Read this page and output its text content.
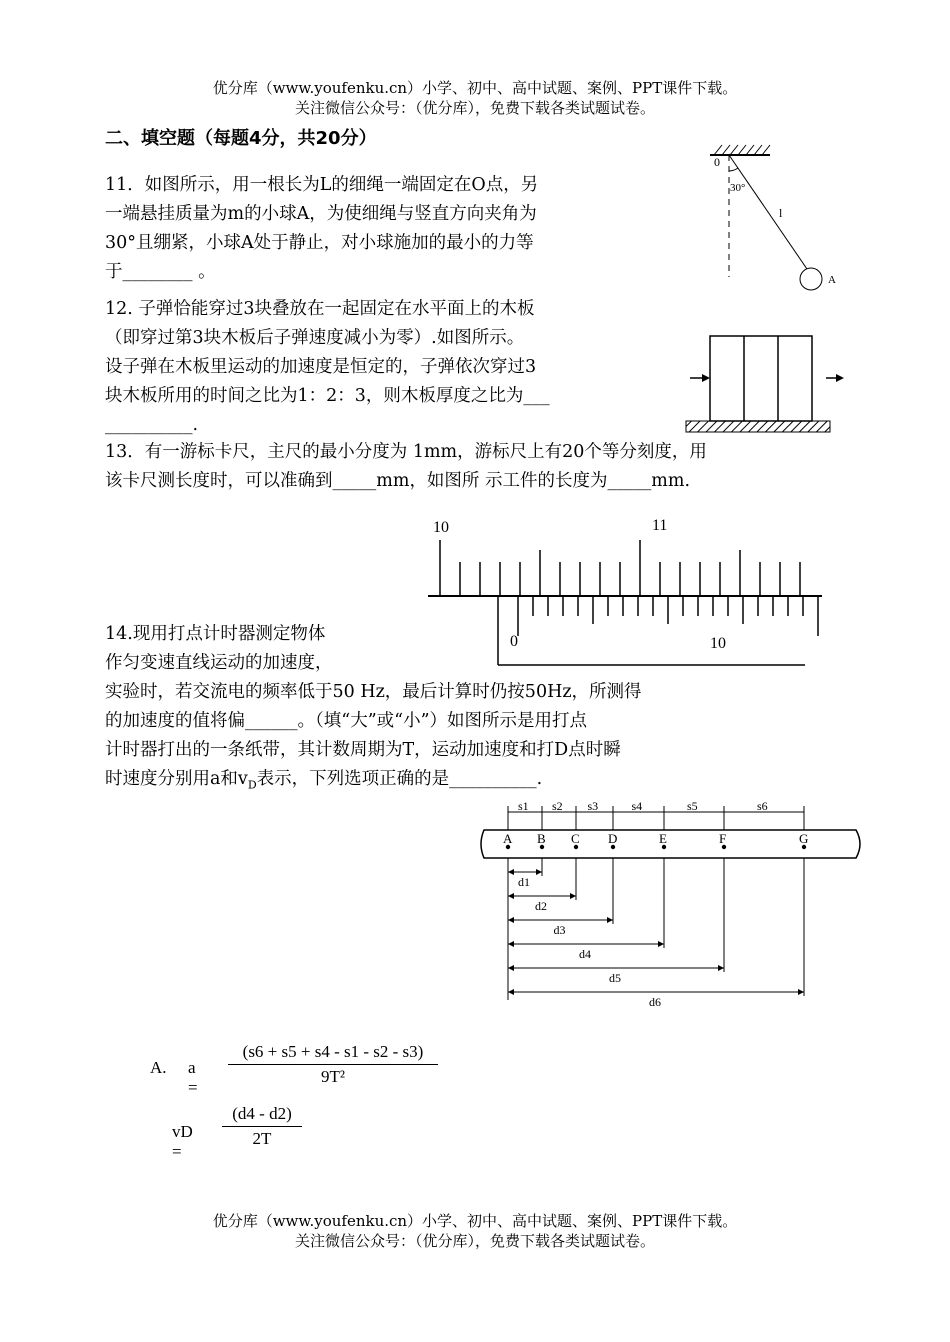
优分库（www.youfenku.cn）小学、初中、高中试题、案例、PPT课件下载。
关注微信公众号：（优分库），免费下载各类试题试卷。
二、填空题（每题4分，共20分）
11．如图所示，用一根长为L的细绳一端固定在O点，另
一端悬挂质量为m的小球A，为使细绳与竖直方向夹角为
30°且绷紧，小球A处于静止，对小球施加的最小的力等
于________ 。
0
30°
l
A
12. 子弹恰能穿过3块叠放在一起固定在水平面上的木板
（即穿过第3块木板后子弹速度减小为零）.如图所示。
设子弹在木板里运动的加速度是恒定的，子弹依次穿过3
块木板所用的时间之比为1：2：3，则木板厚度之比为___
__________.
13．有一游标卡尺，主尺的最小分度为 1mm，游标尺上有20个等分刻度，用
该卡尺测长度时，可以准确到_____mm，如图所 示工件的长度为_____mm.
10	11
0	10
14.现用打点计时器测定物体
作匀变速直线运动的加速度，
实验时，若交流电的频率低于50 Hz，最后计算时仍按50Hz，所测得
的加速度的值将偏______。（填“大”或“小”）如图所示是用打点
计时器打出的一条纸带，其计数周期为T，运动加速度和打D点时瞬
时速度分别用a和$v_D$表示，下列选项正确的是__________.
s1 s2 s3	s4	s5	s6
A B C D	E	F	G
d1
d2
d3
d4
d5
d6
A. a =
$\frac{(s6 + s5 + s4 - s1 - s2 - s3)}{\text{9T²}}$
vD =
$\frac{(d4 - d2)}{2T}$
优分库（www.youfenku.cn）小学、初中、高中试题、案例、PPT课件下载。
关注微信公众号：（优分库），免费下载各类试题试卷。
